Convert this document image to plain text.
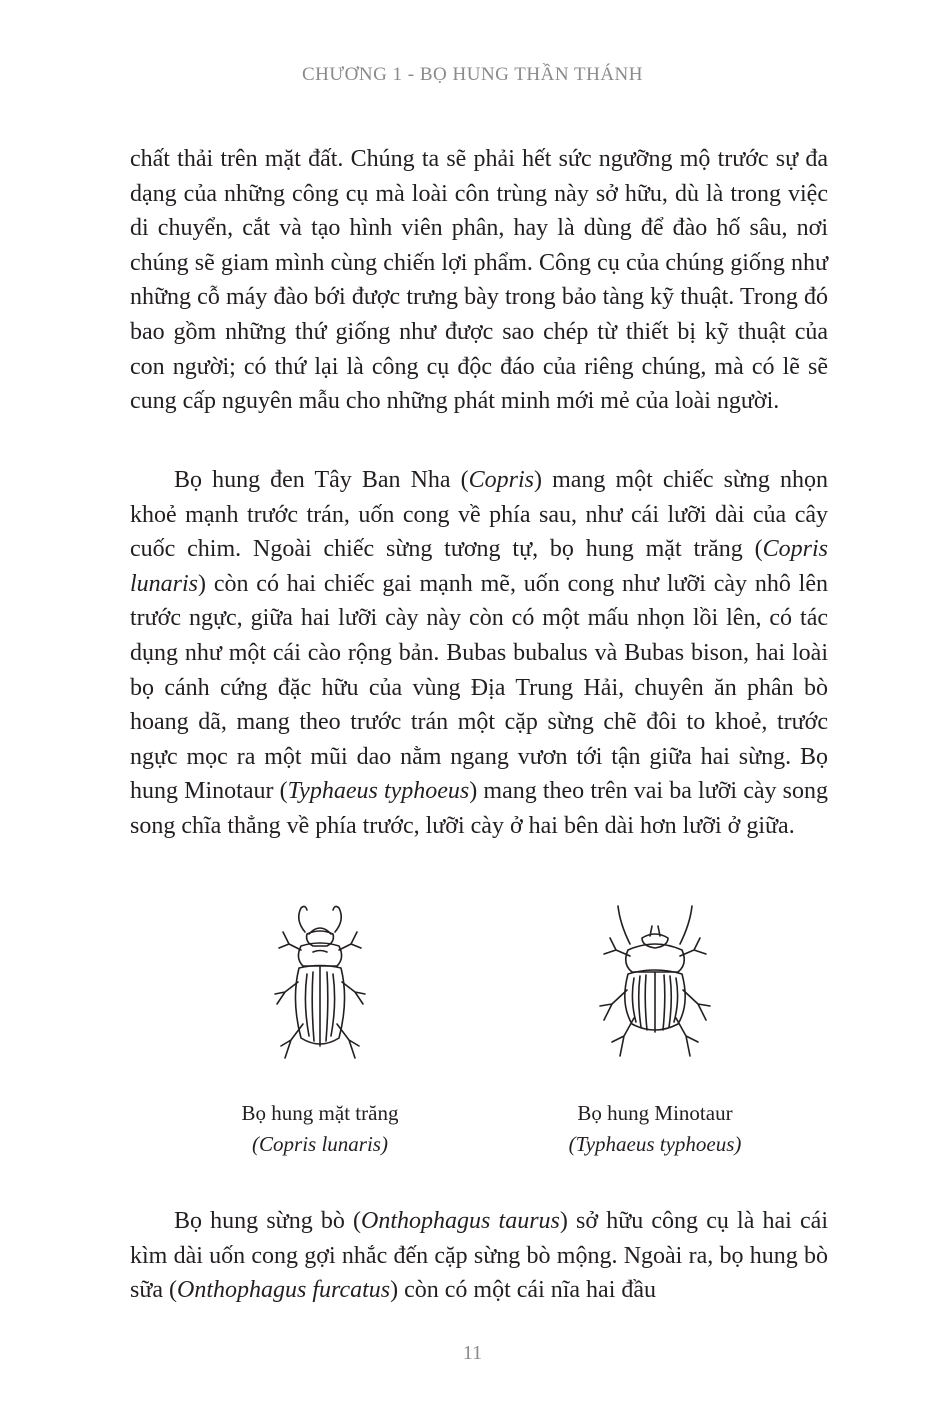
CHƯƠNG 1 - BỌ HUNG THẦN THÁNH

chất thải trên mặt đất. Chúng ta sẽ phải hết sức ngưỡng mộ trước sự đa dạng của những công cụ mà loài côn trùng này sở hữu, dù là trong việc di chuyển, cắt và tạo hình viên phân, hay là dùng để đào hố sâu, nơi chúng sẽ giam mình cùng chiến lợi phẩm. Công cụ của chúng giống như những cỗ máy đào bới được trưng bày trong bảo tàng kỹ thuật. Trong đó bao gồm những thứ giống như được sao chép từ thiết bị kỹ thuật của con người; có thứ lại là công cụ độc đáo của riêng chúng, mà có lẽ sẽ cung cấp nguyên mẫu cho những phát minh mới mẻ của loài người.

Bọ hung đen Tây Ban Nha (Copris) mang một chiếc sừng nhọn khoẻ mạnh trước trán, uốn cong về phía sau, như cái lưỡi dài của cây cuốc chim. Ngoài chiếc sừng tương tự, bọ hung mặt trăng (Copris lunaris) còn có hai chiếc gai mạnh mẽ, uốn cong như lưỡi cày nhô lên trước ngực, giữa hai lưỡi cày này còn có một mấu nhọn lồi lên, có tác dụng như một cái cào rộng bản. Bubas bubalus và Bubas bison, hai loài bọ cánh cứng đặc hữu của vùng Địa Trung Hải, chuyên ăn phân bò hoang dã, mang theo trước trán một cặp sừng chẽ đôi to khoẻ, trước ngực mọc ra một mũi dao nằm ngang vươn tới tận giữa hai sừng. Bọ hung Minotaur (Typhaeus typhoeus) mang theo trên vai ba lưỡi cày song song chĩa thẳng về phía trước, lưỡi cày ở hai bên dài hơn lưỡi ở giữa.

Bọ hung mặt trăng
(Copris lunaris)
Bọ hung Minotaur
(Typhaeus typhoeus)

Bọ hung sừng bò (Onthophagus taurus) sở hữu công cụ là hai cái kìm dài uốn cong gợi nhắc đến cặp sừng bò mộng. Ngoài ra, bọ hung bò sữa (Onthophagus furcatus) còn có một cái nĩa hai đầu

11
